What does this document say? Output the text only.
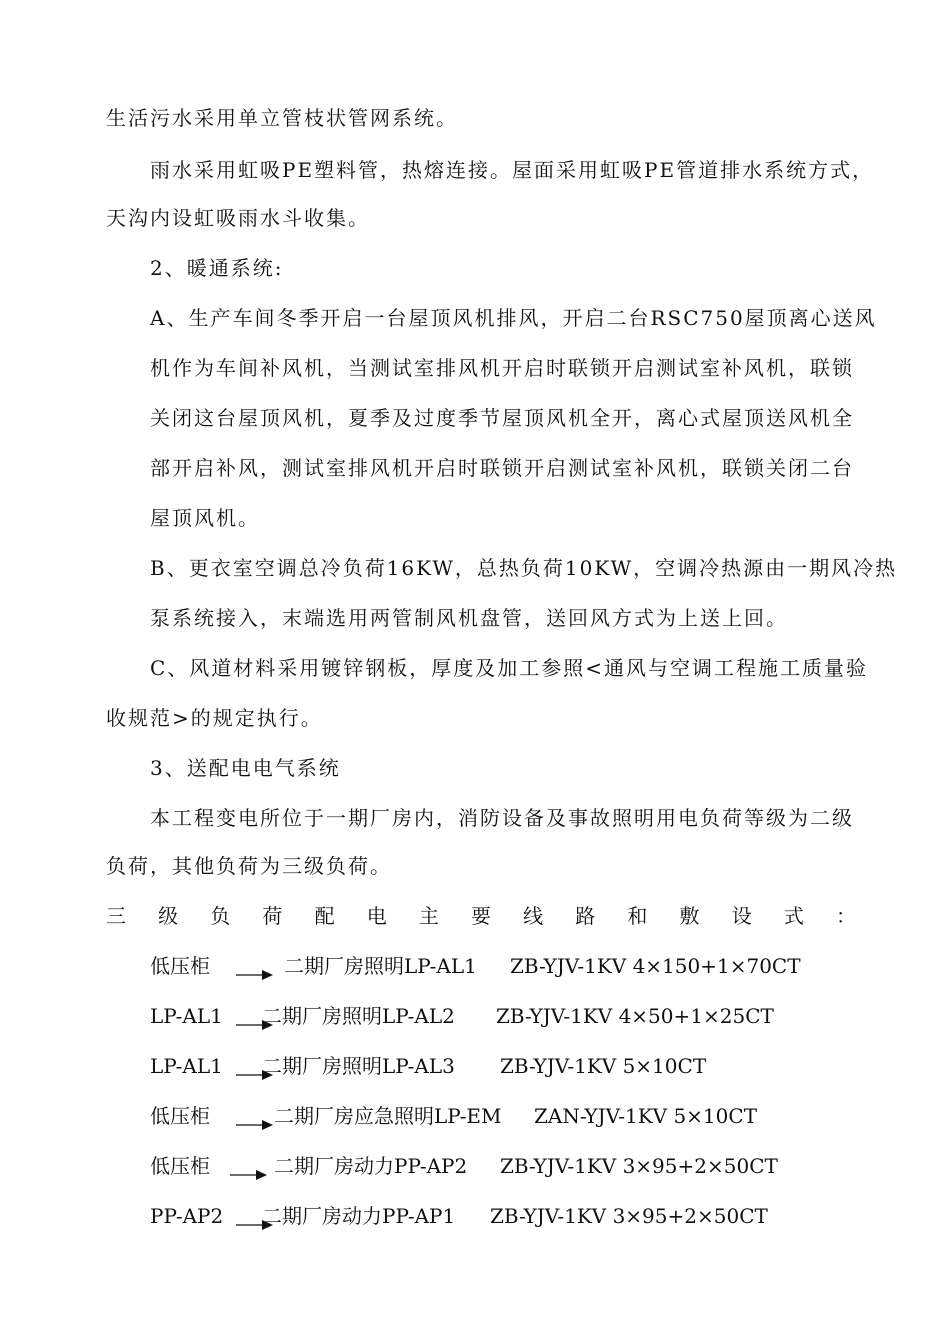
生活污水采用单立管枝状管网系统。
雨水采用虹吸PE塑料管，热熔连接。屋面采用虹吸PE管道排水系统方式，
天沟内设虹吸雨水斗收集。
2、暖通系统:
A、生产车间冬季开启一台屋顶风机排风，开启二台RSC750屋顶离心送风
机作为车间补风机，当测试室排风机开启时联锁开启测试室补风机，联锁
关闭这台屋顶风机，夏季及过度季节屋顶风机全开，离心式屋顶送风机全
部开启补风，测试室排风机开启时联锁开启测试室补风机，联锁关闭二台
屋顶风机。
B、更衣室空调总冷负荷16KW，总热负荷10KW，空调冷热源由一期风冷热
泵系统接入，末端选用两管制风机盘管，送回风方式为上送上回。
C、风道材料采用镀锌钢板，厚度及加工参照<通风与空调工程施工质量验
收规范>的规定执行。
3、送配电电气系统
本工程变电所位于一期厂房内，消防设备及事故照明用电负荷等级为二级
负荷，其他负荷为三级负荷。
三 级 负 荷 配 电 主 要 线 路 和 敷 设 式 ：
低压柜	二期厂房照明LP-AL1 ZB-YJV-1KV 4×150+1×70CT
LP-AL1 二期厂房照明LP-AL2 ZB-YJV-1KV 4×50+1×25CT
LP-AL1 二期厂房照明LP-AL3 ZB-YJV-1KV 5×10CT
低压柜	二期厂房应急照明LP-EM ZAN-YJV-1KV 5×10CT
低压柜	二期厂房动力PP-AP2 ZB-YJV-1KV 3×95+2×50CT
PP-AP2 二期厂房动力PP-AP1 ZB-YJV-1KV 3×95+2×50CT
